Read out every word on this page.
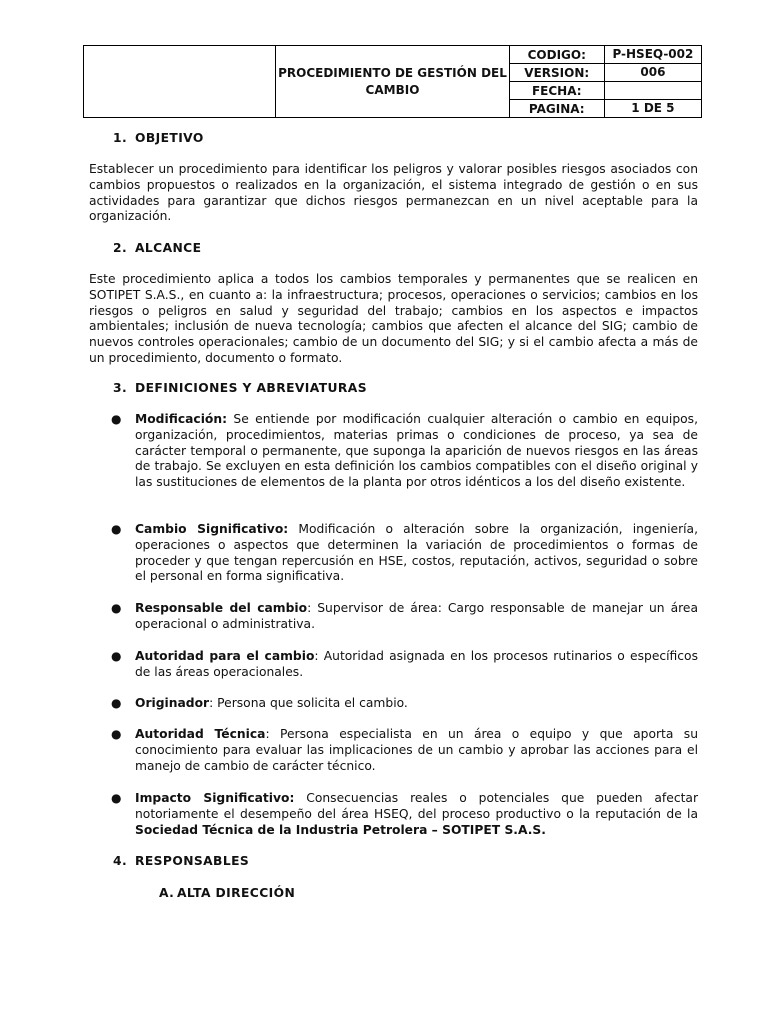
	PROCEDIMIENTO DE GESTIÓN DEL CAMBIO	CODIGO:	P-HSEQ-002
		VERSION:	006
		FECHA:	
		PAGINA:	1 DE 5
1. OBJETIVO
Establecer un procedimiento para identificar los peligros y valorar posibles riesgos asociados con cambios propuestos o realizados en la organización, el sistema integrado de gestión o en sus actividades para garantizar que dichos riesgos permanezcan en un nivel aceptable para la organización.
2. ALCANCE
Este procedimiento aplica a todos los cambios temporales y permanentes que se realicen en SOTIPET S.A.S., en cuanto a: la infraestructura; procesos, operaciones o servicios; cambios en los riesgos o peligros en salud y seguridad del trabajo; cambios en los aspectos e impactos ambientales; inclusión de nueva tecnología; cambios que afecten el alcance del SIG; cambio de nuevos controles operacionales; cambio de un documento del SIG; y si el cambio afecta a más de un procedimiento, documento o formato.
3. DEFINICIONES Y ABREVIATURAS
● Modificación: Se entiende por modificación cualquier alteración o cambio en equipos, organización, procedimientos, materias primas o condiciones de proceso, ya sea de carácter temporal o permanente, que suponga la aparición de nuevos riesgos en las áreas de trabajo. Se excluyen en esta definición los cambios compatibles con el diseño original y las sustituciones de elementos de la planta por otros idénticos a los del diseño existente.
● Cambio Significativo: Modificación o alteración sobre la organización, ingeniería, operaciones o aspectos que determinen la variación de procedimientos o formas de proceder y que tengan repercusión en HSE, costos, reputación, activos, seguridad o sobre el personal en forma significativa.
● Responsable del cambio: Supervisor de área: Cargo responsable de manejar un área operacional o administrativa.
● Autoridad para el cambio: Autoridad asignada en los procesos rutinarios o específicos de las áreas operacionales.
● Originador: Persona que solicita el cambio.
● Autoridad Técnica: Persona especialista en un área o equipo y que aporta su conocimiento para evaluar las implicaciones de un cambio y aprobar las acciones para el manejo de cambio de carácter técnico.
● Impacto Significativo: Consecuencias reales o potenciales que pueden afectar notoriamente el desempeño del área HSEQ, del proceso productivo o la reputación de la Sociedad Técnica de la Industria Petrolera – SOTIPET S.A.S.
4. RESPONSABLES
A. ALTA DIRECCIÓN
